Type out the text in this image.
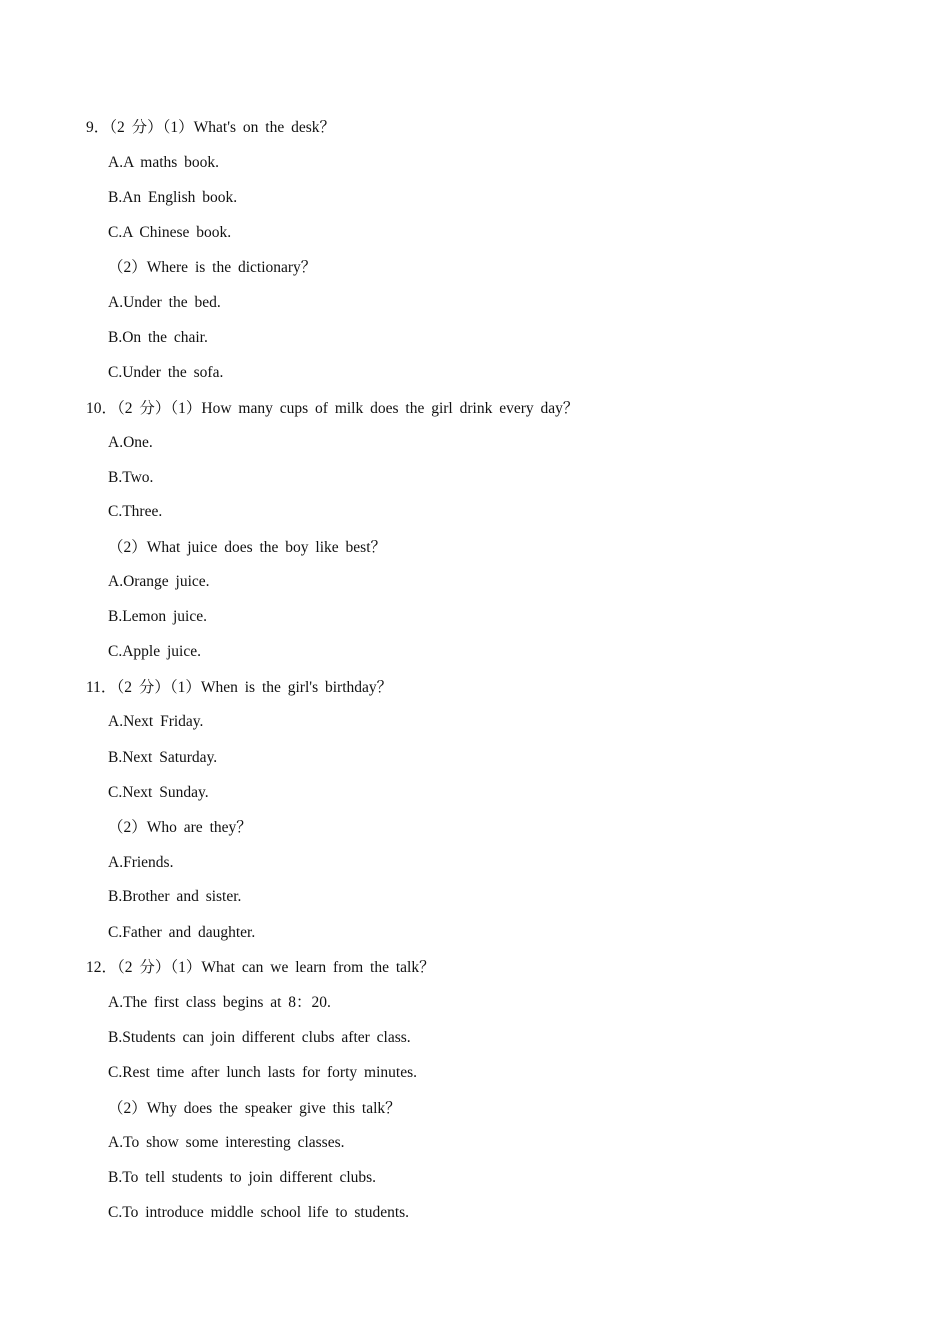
9．（2 分）（1）What's on the desk？
A.A maths book.
B.An English book.
C.A Chinese book.
（2）Where is the dictionary？
A.Under the bed.
B.On the chair.
C.Under the sofa.
10．（2 分）（1）How many cups of milk does the girl drink every day？
A.One.
B.Two.
C.Three.
（2）What juice does the boy like best？
A.Orange juice.
B.Lemon juice.
C.Apple juice.
11．（2 分）（1）When is the girl's birthday？
A.Next Friday.
B.Next Saturday.
C.Next Sunday.
（2）Who are they？
A.Friends.
B.Brother and sister.
C.Father and daughter.
12．（2 分）（1）What can we learn from the talk？
A.The first class begins at 8：20.
B.Students can join different clubs after class.
C.Rest time after lunch lasts for forty minutes.
（2）Why does the speaker give this talk？
A.To show some interesting classes.
B.To tell students to join different clubs.
C.To introduce middle school life to students.
